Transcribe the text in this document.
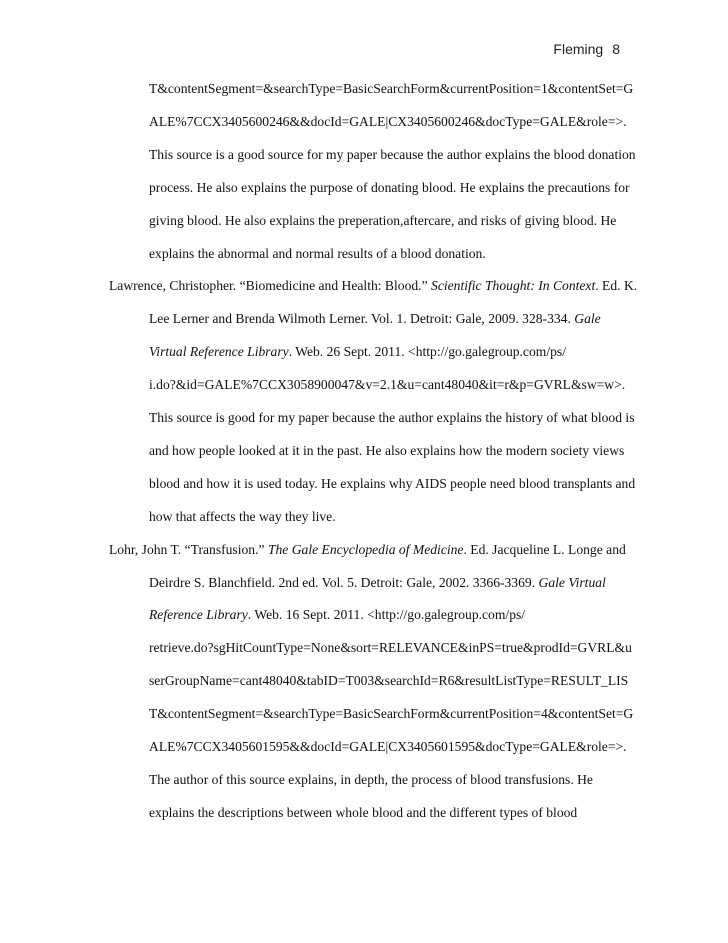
Fleming 8
T&contentSegment=&searchType=BasicSearchForm&currentPosition=1&contentSet=G
ALE%7CCX3405600246&&docId=GALE|CX3405600246&docType=GALE&role=>.
This source is a good source for my paper because the author explains the blood donation
process. He also explains the purpose of donating blood. He explains the precautions for
giving blood. He also explains the preperation,aftercare, and risks of giving blood. He
explains the abnormal and normal results of a blood donation.
Lawrence, Christopher. “Biomedicine and Health: Blood.” Scientific Thought: In Context. Ed. K.
Lee Lerner and Brenda Wilmoth Lerner. Vol. 1. Detroit: Gale, 2009. 328-334. Gale
Virtual Reference Library. Web. 26 Sept. 2011. <http://go.galegroup.com/ps/
i.do?&id=GALE%7CCX3058900047&v=2.1&u=cant48040&it=r&p=GVRL&sw=w>.
This source is good for my paper because the author explains the history of what blood is
and how people looked at it in the past. He also explains how the modern society views
blood and how it is used today. He explains why AIDS people need blood transplants and
how that affects the way they live.
Lohr, John T. “Transfusion.” The Gale Encyclopedia of Medicine. Ed. Jacqueline L. Longe and
Deirdre S. Blanchfield. 2nd ed. Vol. 5. Detroit: Gale, 2002. 3366-3369. Gale Virtual
Reference Library. Web. 16 Sept. 2011. <http://go.galegroup.com/ps/
retrieve.do?sgHitCountType=None&sort=RELEVANCE&inPS=true&prodId=GVRL&u
serGroupName=cant48040&tabID=T003&searchId=R6&resultListType=RESULT_LIS
T&contentSegment=&searchType=BasicSearchForm&currentPosition=4&contentSet=G
ALE%7CCX3405601595&&docId=GALE|CX3405601595&docType=GALE&role=>.
The author of this source explains, in depth, the process of blood transfusions. He
explains the descriptions between whole blood and the different types of blood
